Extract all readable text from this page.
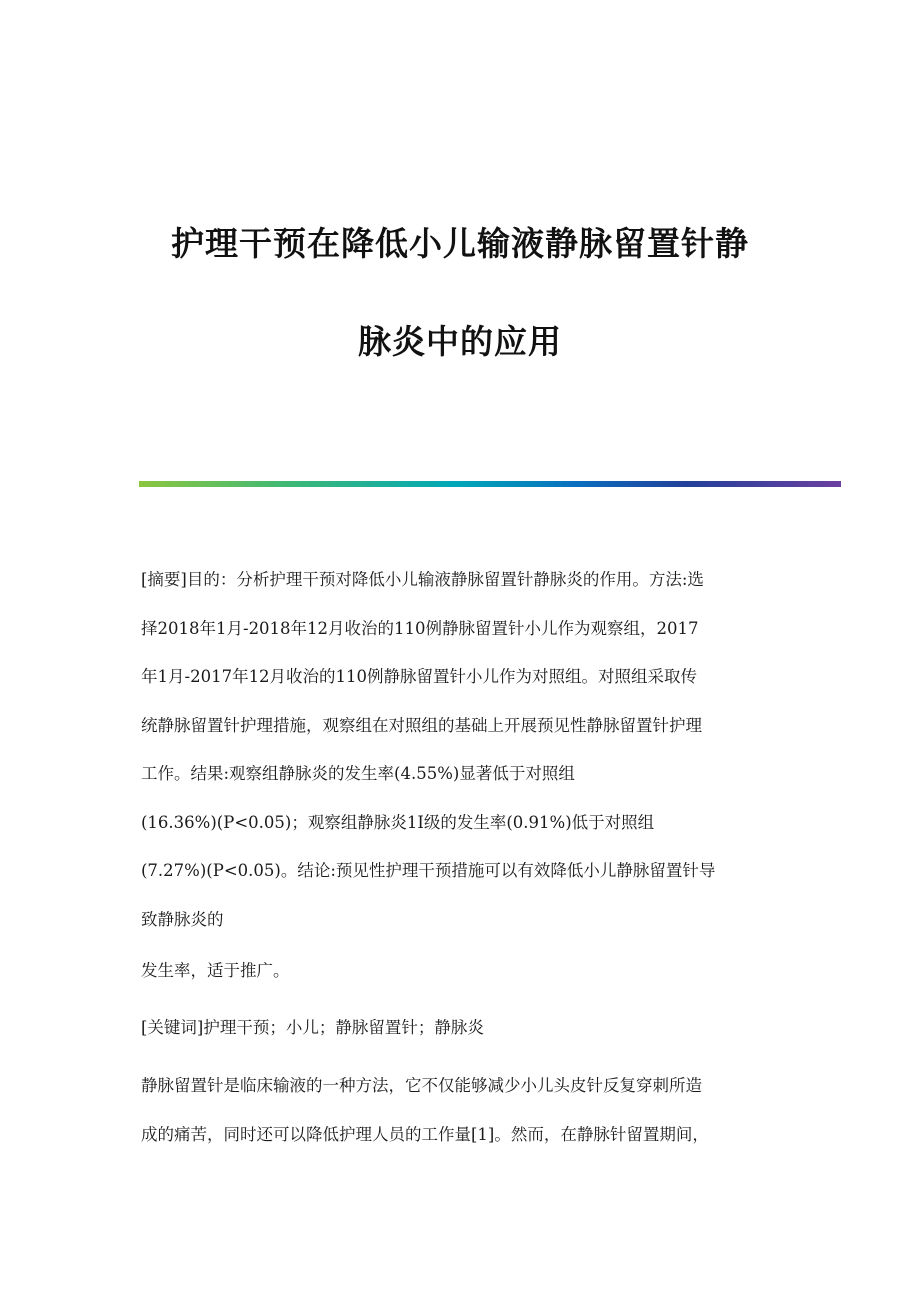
护理干预在降低小儿输液静脉留置针静
脉炎中的应用
[摘要]目的：分析护理干预对降低小儿输液静脉留置针静脉炎的作用。方法:选
择2018年1月-2018年12月收治的110例静脉留置针小儿作为观察组，2017
年1月-2017年12月收治的110例静脉留置针小儿作为对照组。对照组采取传
统静脉留置针护理措施，观察组在对照组的基础上开展预见性静脉留置针护理
工作。结果:观察组静脉炎的发生率(4.55%)显著低于对照组
(16.36%)(P<0.05)；观察组静脉炎1I级的发生率(0.91%)低于对照组
(7.27%)(P<0.05)。结论:预见性护理干预措施可以有效降低小儿静脉留置针导
致静脉炎的
发生率，适于推广。
[关键词]护理干预；小儿；静脉留置针；静脉炎
静脉留置针是临床输液的一种方法，它不仅能够减少小儿头皮针反复穿刺所造
成的痛苦，同时还可以降低护理人员的工作量[1]。然而，在静脉针留置期间，
